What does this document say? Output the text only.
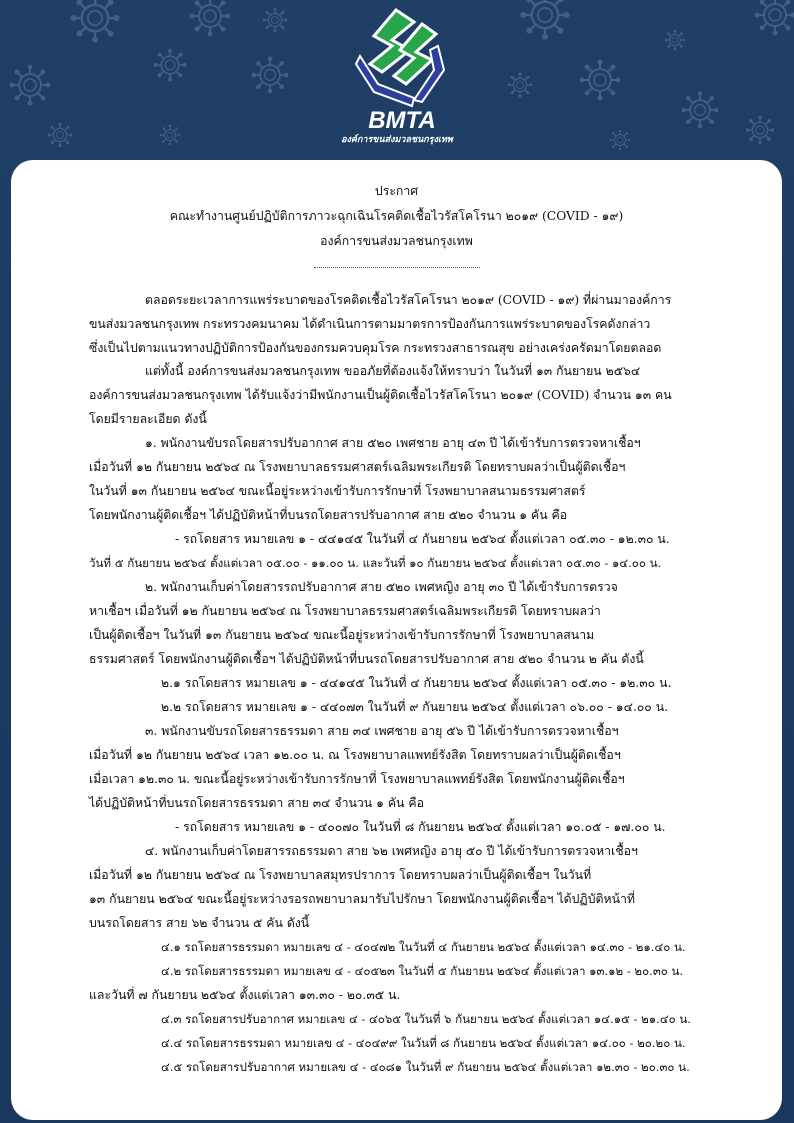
BMTA
องค์การขนส่งมวลชนกรุงเทพ
ประกาศ
คณะทำงานศูนย์ปฏิบัติการภาวะฉุกเฉินโรคติดเชื้อไวรัสโคโรนา ๒๐๑๙ (COVID - ๑๙)
องค์การขนส่งมวลชนกรุงเทพ
ตลอดระยะเวลาการแพร่ระบาดของโรคติดเชื้อไวรัสโคโรนา ๒๐๑๙ (COVID - ๑๙) ที่ผ่านมาองค์การ
ขนส่งมวลชนกรุงเทพ กระทรวงคมนาคม ได้ดำเนินการตามมาตรการป้องกันการแพร่ระบาดของโรคดังกล่าว
ซึ่งเป็นไปตามแนวทางปฏิบัติการป้องกันของกรมควบคุมโรค กระทรวงสาธารณสุข อย่างเคร่งครัดมาโดยตลอด
แต่ทั้งนี้ องค์การขนส่งมวลชนกรุงเทพ ขออภัยที่ต้องแจ้งให้ทราบว่า ในวันที่ ๑๓ กันยายน ๒๕๖๔
องค์การขนส่งมวลชนกรุงเทพ ได้รับแจ้งว่ามีพนักงานเป็นผู้ติดเชื้อไวรัสโคโรนา ๒๐๑๙ (COVID) จำนวน ๑๓ คน
โดยมีรายละเอียด ดังนี้
๑. พนักงานขับรถโดยสารปรับอากาศ สาย ๕๒๐ เพศชาย อายุ ๔๓ ปี ได้เข้ารับการตรวจหาเชื้อฯ
เมื่อวันที่ ๑๒ กันยายน ๒๕๖๔ ณ โรงพยาบาลธรรมศาสตร์เฉลิมพระเกียรติ โดยทราบผลว่าเป็นผู้ติดเชื้อฯ
ในวันที่ ๑๓ กันยายน ๒๕๖๔ ขณะนี้อยู่ระหว่างเข้ารับการรักษาที่ โรงพยาบาลสนามธรรมศาสตร์
โดยพนักงานผู้ติดเชื้อฯ ได้ปฏิบัติหน้าที่บนรถโดยสารปรับอากาศ สาย ๕๒๐ จำนวน ๑ คัน คือ
- รถโดยสาร หมายเลข ๑ - ๔๔๑๔๕ ในวันที่ ๔ กันยายน ๒๕๖๔ ตั้งแต่เวลา ๐๕.๓๐ - ๑๒.๓๐ น.
วันที่ ๕ กันยายน ๒๕๖๔ ตั้งแต่เวลา ๐๕.๐๐ - ๑๑.๐๐ น. และวันที่ ๑๐ กันยายน ๒๕๖๔ ตั้งแต่เวลา ๐๕.๓๐ - ๑๔.๐๐ น.
๒. พนักงานเก็บค่าโดยสารรถปรับอากาศ สาย ๕๒๐ เพศหญิง อายุ ๓๐ ปี ได้เข้ารับการตรวจ
หาเชื้อฯ เมื่อวันที่ ๑๒ กันยายน ๒๕๖๔ ณ โรงพยาบาลธรรมศาสตร์เฉลิมพระเกียรติ โดยทราบผลว่า
เป็นผู้ติดเชื้อฯ ในวันที่ ๑๓ กันยายน ๒๕๖๔ ขณะนี้อยู่ระหว่างเข้ารับการรักษาที่ โรงพยาบาลสนาม
ธรรมศาสตร์ โดยพนักงานผู้ติดเชื้อฯ ได้ปฏิบัติหน้าที่บนรถโดยสารปรับอากาศ สาย ๕๒๐ จำนวน ๒ คัน ดังนี้
๒.๑ รถโดยสาร หมายเลข ๑ - ๔๔๑๔๕ ในวันที่ ๔ กันยายน ๒๕๖๔ ตั้งแต่เวลา ๐๕.๓๐ - ๑๒.๓๐ น.
๒.๒ รถโดยสาร หมายเลข ๑ - ๔๔๐๗๓ ในวันที่ ๙ กันยายน ๒๕๖๔ ตั้งแต่เวลา ๐๖.๐๐ - ๑๔.๐๐ น.
๓. พนักงานขับรถโดยสารธรรมดา สาย ๓๔ เพศชาย อายุ ๕๖ ปี ได้เข้ารับการตรวจหาเชื้อฯ
เมื่อวันที่ ๑๒ กันยายน ๒๕๖๔ เวลา ๑๒.๐๐ น. ณ โรงพยาบาลแพทย์รังสิต โดยทราบผลว่าเป็นผู้ติดเชื้อฯ
เมื่อเวลา ๑๒.๓๐ น. ขณะนี้อยู่ระหว่างเข้ารับการรักษาที่ โรงพยาบาลแพทย์รังสิต โดยพนักงานผู้ติดเชื้อฯ
ได้ปฏิบัติหน้าที่บนรถโดยสารธรรมดา สาย ๓๔ จำนวน ๑ คัน คือ
- รถโดยสาร หมายเลข ๑ - ๔๐๐๗๐ ในวันที่ ๘ กันยายน ๒๕๖๔ ตั้งแต่เวลา ๑๐.๐๕ - ๑๗.๐๐ น.
๔. พนักงานเก็บค่าโดยสารรถธรรมดา สาย ๖๒ เพศหญิง อายุ ๕๐ ปี ได้เข้ารับการตรวจหาเชื้อฯ
เมื่อวันที่ ๑๒ กันยายน ๒๕๖๔ ณ โรงพยาบาลสมุทรปราการ โดยทราบผลว่าเป็นผู้ติดเชื้อฯ ในวันที่
๑๓ กันยายน ๒๕๖๔ ขณะนี้อยู่ระหว่างรอรถพยาบาลมารับไปรักษา โดยพนักงานผู้ติดเชื้อฯ ได้ปฏิบัติหน้าที่
บนรถโดยสาร สาย ๖๒ จำนวน ๕ คัน ดังนี้
๔.๑ รถโดยสารธรรมดา หมายเลข ๔ - ๔๐๔๗๒ ในวันที่ ๔ กันยายน ๒๕๖๔ ตั้งแต่เวลา ๑๔.๓๐ - ๒๑.๔๐ น.
๔.๒ รถโดยสารธรรมดา หมายเลข ๔ - ๔๐๕๒๓ ในวันที่ ๕ กันยายน ๒๕๖๔ ตั้งแต่เวลา ๑๓.๑๒ - ๒๐.๓๐ น.
และวันที่ ๗ กันยายน ๒๕๖๔ ตั้งแต่เวลา ๑๓.๓๐ - ๒๐.๓๕ น.
๔.๓ รถโดยสารปรับอากาศ หมายเลข ๔ - ๔๐๖๕ ในวันที่ ๖ กันยายน ๒๕๖๔ ตั้งแต่เวลา ๑๔.๑๕ - ๒๑.๔๐ น.
๔.๔ รถโดยสารธรรมดา หมายเลข ๔ - ๔๐๔๙๙ ในวันที่ ๘ กันยายน ๒๕๖๔ ตั้งแต่เวลา ๑๔.๐๐ - ๒๐.๒๐ น.
๔.๕ รถโดยสารปรับอากาศ หมายเลข ๔ - ๔๐๘๑ ในวันที่ ๙ กันยายน ๒๕๖๔ ตั้งแต่เวลา ๑๒.๓๐ - ๒๐.๓๐ น.
